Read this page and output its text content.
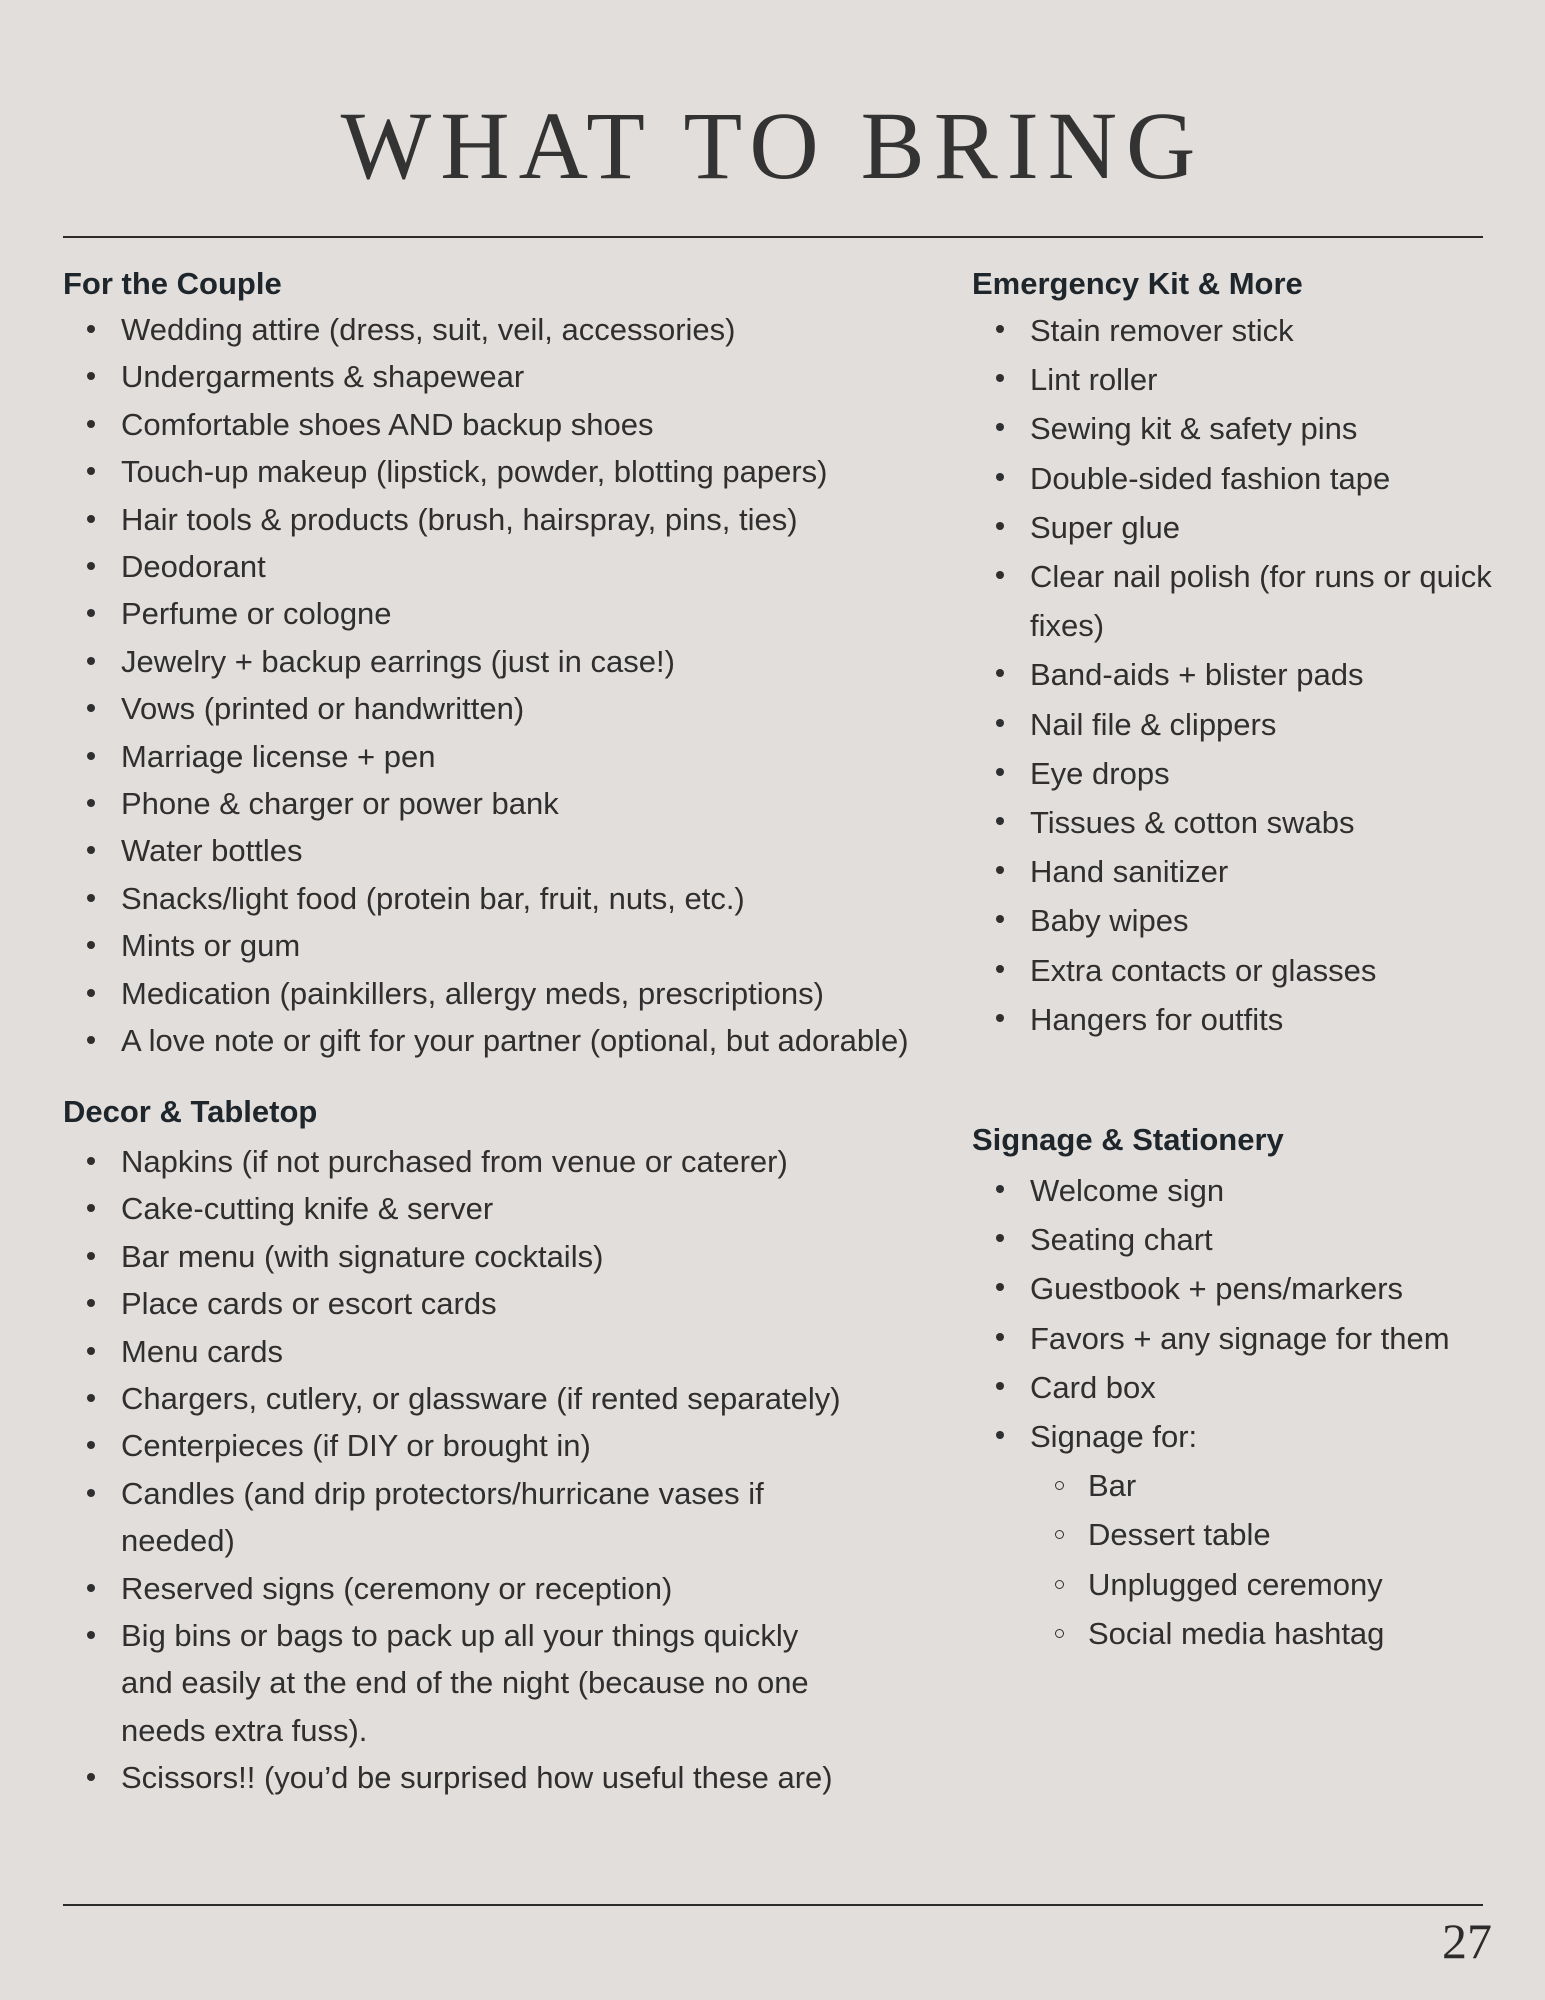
WHAT TO BRING
For the Couple
Wedding attire (dress, suit, veil, accessories)
Undergarments & shapewear
Comfortable shoes AND backup shoes
Touch-up makeup (lipstick, powder, blotting papers)
Hair tools & products (brush, hairspray, pins, ties)
Deodorant
Perfume or cologne
Jewelry + backup earrings (just in case!)
Vows (printed or handwritten)
Marriage license + pen
Phone & charger or power bank
Water bottles
Snacks/light food (protein bar, fruit, nuts, etc.)
Mints or gum
Medication (painkillers, allergy meds, prescriptions)
A love note or gift for your partner (optional, but adorable)
Decor & Tabletop
Napkins (if not purchased from venue or caterer)
Cake-cutting knife & server
Bar menu (with signature cocktails)
Place cards or escort cards
Menu cards
Chargers, cutlery, or glassware (if rented separately)
Centerpieces (if DIY or brought in)
Candles (and drip protectors/hurricane vases if
needed)
Reserved signs (ceremony or reception)
Big bins or bags to pack up all your things quickly
and easily at the end of the night (because no one
needs extra fuss).
Scissors!! (you’d be surprised how useful these are)
Emergency Kit & More
Stain remover stick
Lint roller
Sewing kit & safety pins
Double-sided fashion tape
Super glue
Clear nail polish (for runs or quick
fixes)
Band-aids + blister pads
Nail file & clippers
Eye drops
Tissues & cotton swabs
Hand sanitizer
Baby wipes
Extra contacts or glasses
Hangers for outfits
Signage & Stationery
Welcome sign
Seating chart
Guestbook + pens/markers
Favors + any signage for them
Card box
Signage for:
Bar
Dessert table
Unplugged ceremony
Social media hashtag
27
